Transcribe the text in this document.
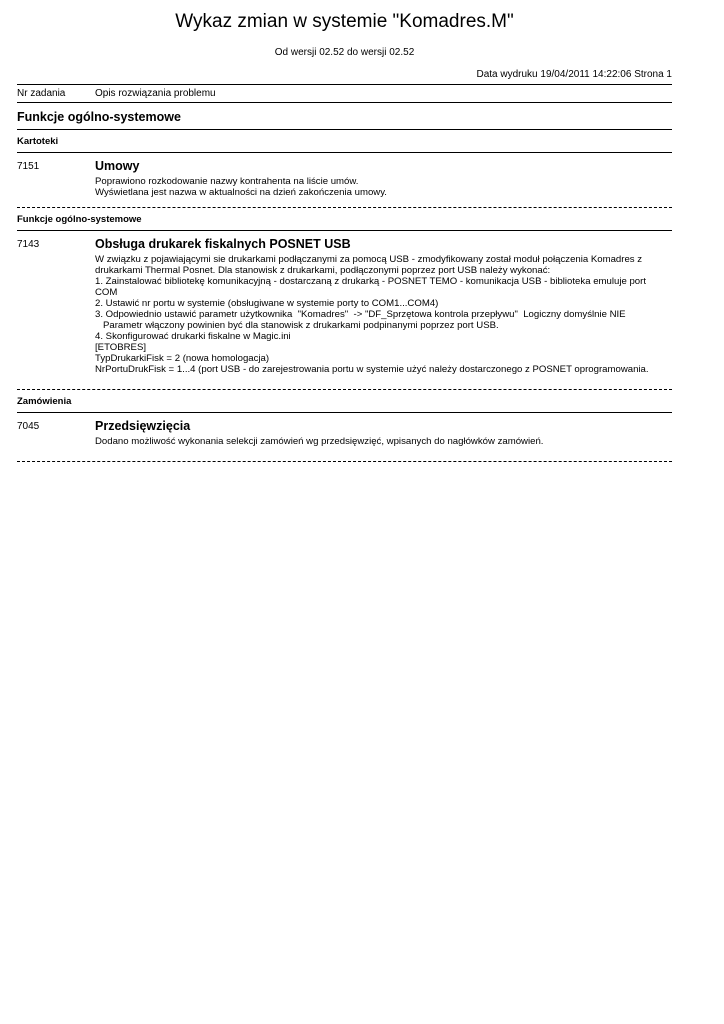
Wykaz zmian w systemie "Komadres.M"
Od wersji 02.52 do wersji 02.52
Data wydruku 19/04/2011 14:22:06 Strona 1
Nr zadania	Opis rozwiązania problemu
Funkcje ogólno-systemowe
Kartoteki
7151	Umowy
Poprawiono rozkodowanie nazwy kontrahenta na liście umów.
Wyświetlana jest nazwa w aktualności na dzień zakończenia umowy.
Funkcje ogólno-systemowe
7143	Obsługa drukarek fiskalnych POSNET USB
W związku z pojawiającymi sie drukarkami podłączanymi za pomocą USB - zmodyfikowany został moduł połączenia Komadres z
drukarkami Thermal Posnet. Dla stanowisk z drukarkami, podłączonymi poprzez port USB należy wykonać:
1. Zainstalować bibliotekę komunikacyjną - dostarczaną z drukarką - POSNET TEMO - komunikacja USB - biblioteka emuluje port
COM
2. Ustawić nr portu w systemie (obsługiwane w systemie porty to COM1...COM4)
3. Odpowiednio ustawić parametr użytkownika  "Komadres"  -> "DF_Sprzętowa kontrola przepływu"  Logiczny domyślnie NIE
Parametr włączony powinien być dla stanowisk z drukarkami podpinanymi poprzez port USB.
4. Skonfigurować drukarki fiskalne w Magic.ini
[ETOBRES]
TypDrukarkiFisk = 2 (nowa homologacja)
NrPortuDrukFisk = 1...4 (port USB - do zarejestrowania portu w systemie użyć należy dostarczonego z POSNET oprogramowania.
Zamówienia
7045	Przedsięwzięcia
Dodano możliwość wykonania selekcji zamówień wg przedsięwzięć, wpisanych do nagłówków zamówień.
